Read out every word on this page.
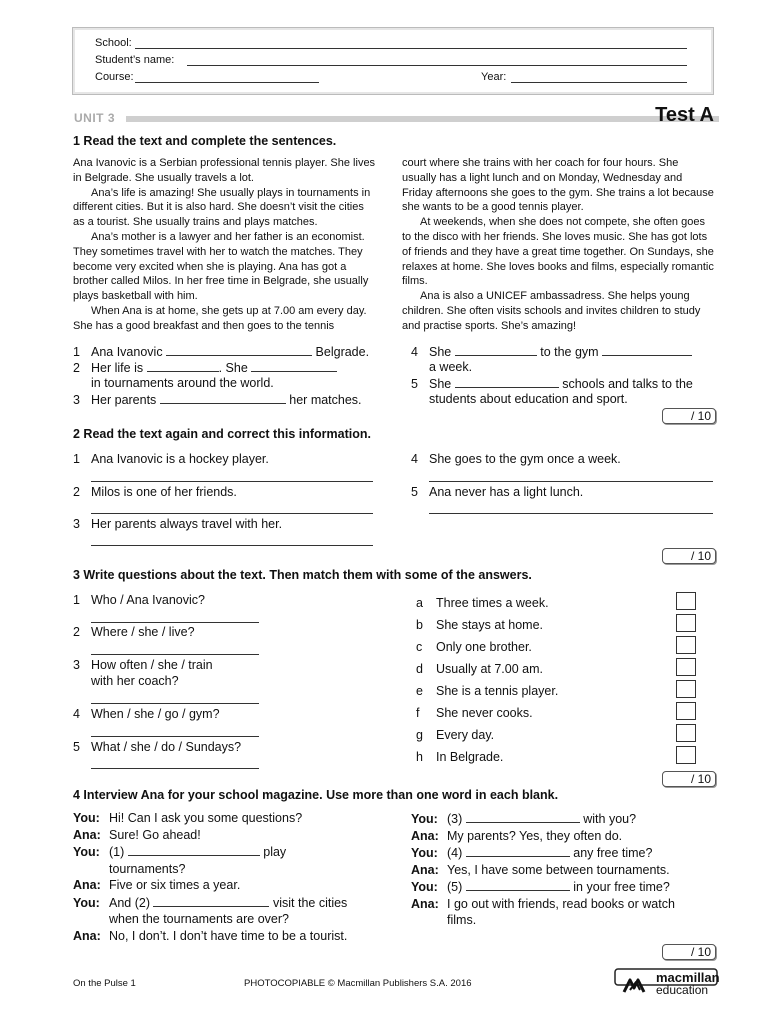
School:
Student’s name:
Course:	Year:
UNIT 3	Test A
1 Read the text and complete the sentences.

Ana Ivanovic is a Serbian professional tennis player. She lives in Belgrade. She usually travels a lot.

Ana’s life is amazing! She usually plays in tournaments in different cities. But it is also hard. She doesn’t visit the cities as a tourist. She usually trains and plays matches.

Ana’s mother is a lawyer and her father is an economist. They sometimes travel with her to watch the matches. They become very excited when she is playing. Ana has got a brother called Milos. In her free time in Belgrade, she usually plays basketball with him.

When Ana is at home, she gets up at 7.00 am every day. She has a good breakfast and then goes to the tennis

court where she trains with her coach for four hours. She usually has a light lunch and on Monday, Wednesday and Friday afternoons she goes to the gym. She trains a lot because she wants to be a good tennis player.

At weekends, when she does not compete, she often goes to the disco with her friends. She loves music. She has got lots of friends and they have a great time together. On Sundays, she relaxes at home. She loves books and films, especially romantic films.

Ana is also a UNICEF ambassadress. She helps young children. She often visits schools and invites children to study and practise sports. She’s amazing!

1 Ana Ivanovic	Belgrade.
2 Her life is	. She
in tournaments around the world.
3 Her parents	her matches.
4 She	to the gym
a week.
5 She	schools and talks to the
students about education and sport.
/ 10
2 Read the text again and correct this information.
1 Ana Ivanovic is a hockey player.
2 Milos is one of her friends.
3 Her parents always travel with her.
4 She goes to the gym once a week.
5 Ana never has a light lunch.
/ 10
3 Write questions about the text. Then match them with some of the answers.
1 Who / Ana Ivanovic?
2 Where / she / live?
3 How often / she / train
with her coach?
4 When / she / go / gym?
5 What / she / do / Sundays?
a Three times a week.
b She stays at home.
c Only one brother.
d Usually at 7.00 am.
e She is a tennis player.
f She never cooks.
g Every day.
h In Belgrade.
/ 10
4 Interview Ana for your school magazine. Use more than one word in each blank.
You: Hi! Can I ask you some questions?
Ana: Sure! Go ahead!
You: (1)	play
tournaments?
Ana: Five or six times a year.
You: And (2)	visit the cities
when the tournaments are over?
Ana: No, I don’t. I don’t have time to be a tourist.
You: (3)	with you?
Ana: My parents? Yes, they often do.
You: (4)	any free time?
Ana: Yes, I have some between tournaments.
You: (5)	in your free time?
Ana: I go out with friends, read books or watch
films.
/ 10
On the Pulse 1	PHOTOCOPIABLE © Macmillan Publishers S.A. 2016	macmillan
education
